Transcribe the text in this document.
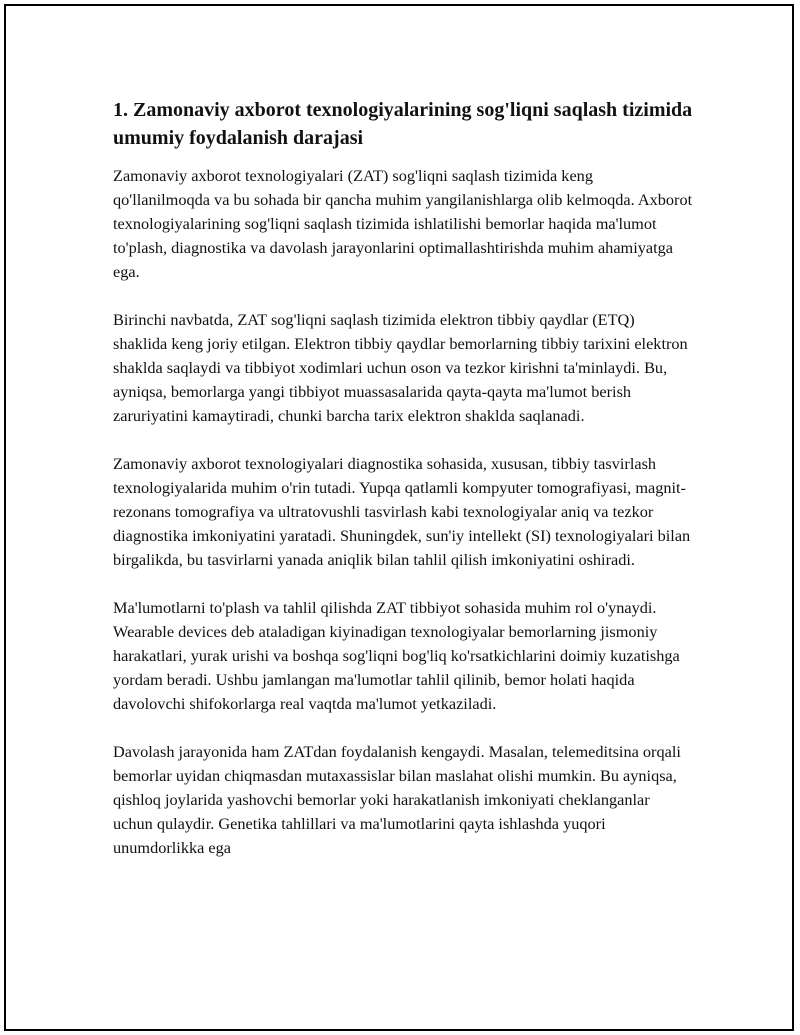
1. Zamonaviy axborot texnologiyalarining sog'liqni saqlash tizimida umumiy foydalanish darajasi

Zamonaviy axborot texnologiyalari (ZAT) sog'liqni saqlash tizimida keng qo'llanilmoqda va bu sohada bir qancha muhim yangilanishlarga olib kelmoqda. Axborot texnologiyalarining sog'liqni saqlash tizimida ishlatilishi bemorlar haqida ma'lumot to'plash, diagnostika va davolash jarayonlarini optimallashtirishda muhim ahamiyatga ega.

Birinchi navbatda, ZAT sog'liqni saqlash tizimida elektron tibbiy qaydlar (ETQ) shaklida keng joriy etilgan. Elektron tibbiy qaydlar bemorlarning tibbiy tarixini elektron shaklda saqlaydi va tibbiyot xodimlari uchun oson va tezkor kirishni ta'minlaydi. Bu, ayniqsa, bemorlarga yangi tibbiyot muassasalarida qayta-qayta ma'lumot berish zaruriyatini kamaytiradi, chunki barcha tarix elektron shaklda saqlanadi.

Zamonaviy axborot texnologiyalari diagnostika sohasida, xususan, tibbiy tasvirlash texnologiyalarida muhim o'rin tutadi. Yupqa qatlamli kompyuter tomografiyasi, magnit-rezonans tomografiya va ultratovushli tasvirlash kabi texnologiyalar aniq va tezkor diagnostika imkoniyatini yaratadi. Shuningdek, sun'iy intellekt (SI) texnologiyalari bilan birgalikda, bu tasvirlarni yanada aniqlik bilan tahlil qilish imkoniyatini oshiradi.

Ma'lumotlarni to'plash va tahlil qilishda ZAT tibbiyot sohasida muhim rol o'ynaydi. Wearable devices deb ataladigan kiyinadigan texnologiyalar bemorlarning jismoniy harakatlari, yurak urishi va boshqa sog'liqni bog'liq ko'rsatkichlarini doimiy kuzatishga yordam beradi. Ushbu jamlangan ma'lumotlar tahlil qilinib, bemor holati haqida davolovchi shifokorlarga real vaqtda ma'lumot yetkaziladi.

Davolash jarayonida ham ZATdan foydalanish kengaydi. Masalan, telemeditsina orqali bemorlar uyidan chiqmasdan mutaxassislar bilan maslahat olishi mumkin. Bu ayniqsa, qishloq joylarida yashovchi bemorlar yoki harakatlanish imkoniyati cheklanganlar uchun qulaydir. Genetika tahlillari va ma'lumotlarini qayta ishlashda yuqori unumdorlikka ega
